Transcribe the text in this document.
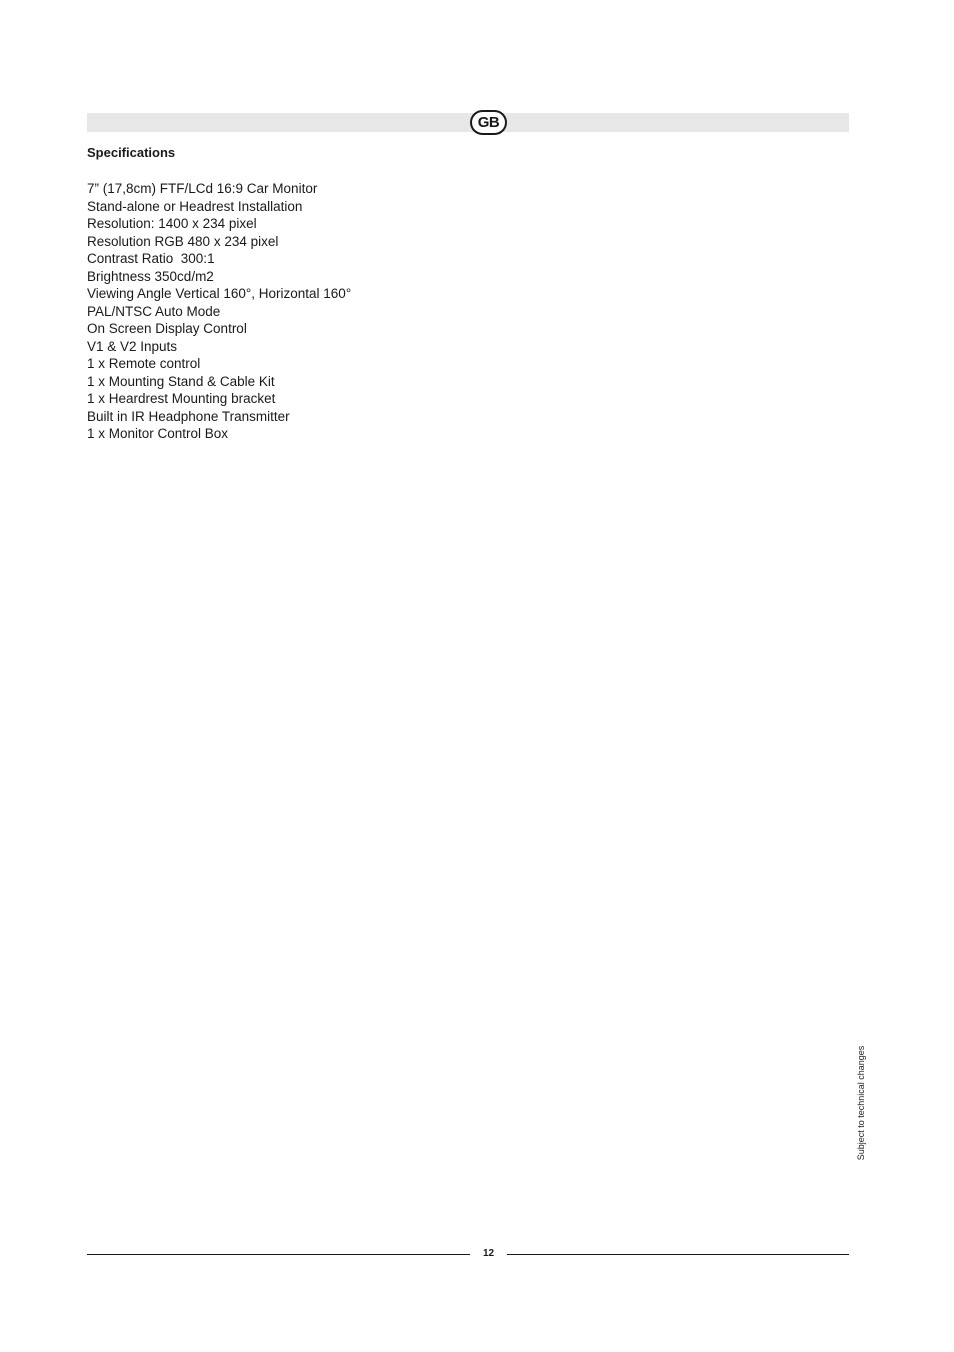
GB
Specifications
7” (17,8cm) FTF/LCd 16:9 Car Monitor
Stand-alone or Headrest Installation
Resolution: 1400 x 234 pixel
Resolution RGB 480 x 234 pixel
Contrast Ratio  300:1
Brightness 350cd/m2
Viewing Angle Vertical 160°, Horizontal 160°
PAL/NTSC Auto Mode
On Screen Display Control
V1 & V2 Inputs
1 x Remote control
1 x Mounting Stand & Cable Kit
1 x Heardrest Mounting bracket
Built in IR Headphone Transmitter
1 x Monitor Control Box
Subject to technical changes
12
